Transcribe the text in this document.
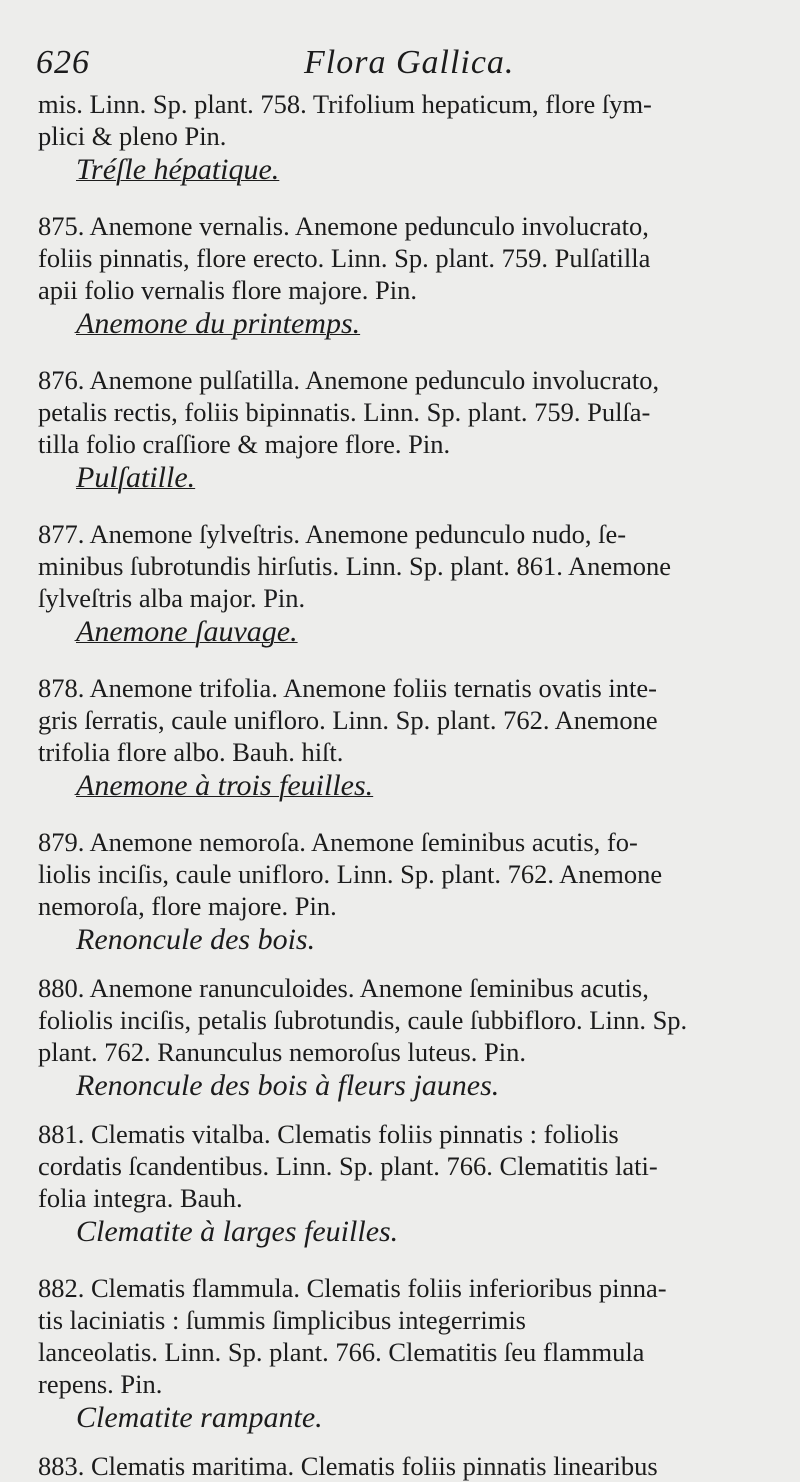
626	Flora Gallica.
mis. Linn. Sp. plant. 758. Trifolium hepaticum, flore ſym-
plici & pleno Pin.
Tréſle hépatique.
875. Anemone vernalis. Anemone pedunculo involucrato,
foliis pinnatis, flore erecto. Linn. Sp. plant. 759. Pulſatilla
apii folio vernalis flore majore. Pin.
Anemone du printemps.
876. Anemone pulſatilla. Anemone pedunculo involucrato,
petalis rectis, foliis bipinnatis. Linn. Sp. plant. 759. Pulſa-
tilla folio craſſiore & majore flore. Pin.
Pulſatille.
877. Anemone ſylveſtris. Anemone pedunculo nudo, ſe-
minibus ſubrotundis hirſutis. Linn. Sp. plant. 861. Anemone
ſylveſtris alba major. Pin.
Anemone ſauvage.
878. Anemone trifolia. Anemone foliis ternatis ovatis inte-
gris ſerratis, caule unifloro. Linn. Sp. plant. 762. Anemone
trifolia flore albo. Bauh. hiſt.
Anemone à trois feuilles.
879. Anemone nemoroſa. Anemone ſeminibus acutis, fo-
liolis inciſis, caule unifloro. Linn. Sp. plant. 762. Anemone
nemoroſa, flore majore. Pin.
Renoncule des bois.
880. Anemone ranunculoides. Anemone ſeminibus acutis,
foliolis inciſis, petalis ſubrotundis, caule ſubbifloro. Linn. Sp.
plant. 762. Ranunculus nemoroſus luteus. Pin.
Renoncule des bois à fleurs jaunes.
881. Clematis vitalba. Clematis foliis pinnatis : foliolis
cordatis ſcandentibus. Linn. Sp. plant. 766. Clematitis lati-
folia integra. Bauh.
Clematite à larges feuilles.
882. Clematis flammula. Clematis foliis inferioribus pinna-
tis laciniatis : ſummis ſimplicibus integerrimis
lanceolatis. Linn. Sp. plant. 766. Clematitis ſeu flammula
repens. Pin.
Clematite rampante.
883. Clematis maritima. Clematis foliis pinnatis linearibus
